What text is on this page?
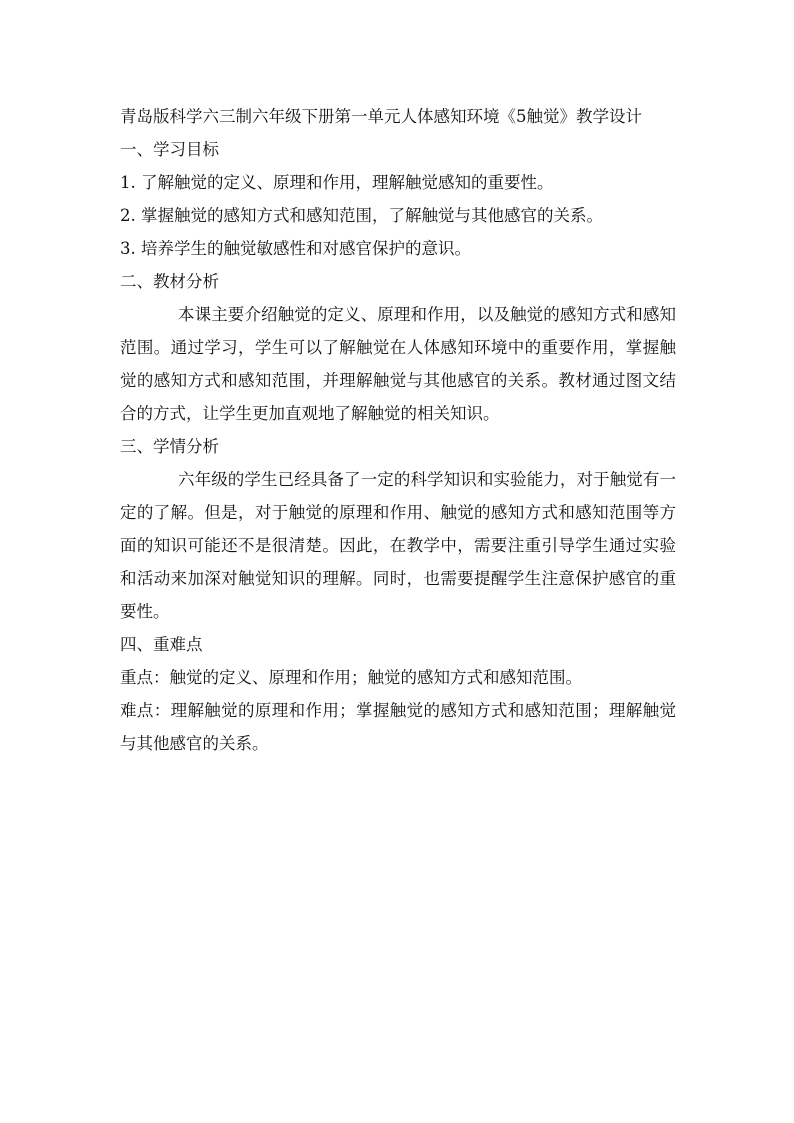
青岛版科学六三制六年级下册第一单元人体感知环境《5触觉》教学设计

一、学习目标

1. 了解触觉的定义、原理和作用，理解触觉感知的重要性。

2. 掌握触觉的感知方式和感知范围，了解触觉与其他感官的关系。

3. 培养学生的触觉敏感性和对感官保护的意识。

二、教材分析

本课主要介绍触觉的定义、原理和作用，以及触觉的感知方式和感知范围。通过学习，学生可以了解触觉在人体感知环境中的重要作用，掌握触觉的感知方式和感知范围，并理解触觉与其他感官的关系。教材通过图文结合的方式，让学生更加直观地了解触觉的相关知识。

三、学情分析

六年级的学生已经具备了一定的科学知识和实验能力，对于触觉有一定的了解。但是，对于触觉的原理和作用、触觉的感知方式和感知范围等方面的知识可能还不是很清楚。因此，在教学中，需要注重引导学生通过实验和活动来加深对触觉知识的理解。同时，也需要提醒学生注意保护感官的重要性。

四、重难点

重点：触觉的定义、原理和作用；触觉的感知方式和感知范围。

难点：理解触觉的原理和作用；掌握触觉的感知方式和感知范围；理解触觉与其他感官的关系。
